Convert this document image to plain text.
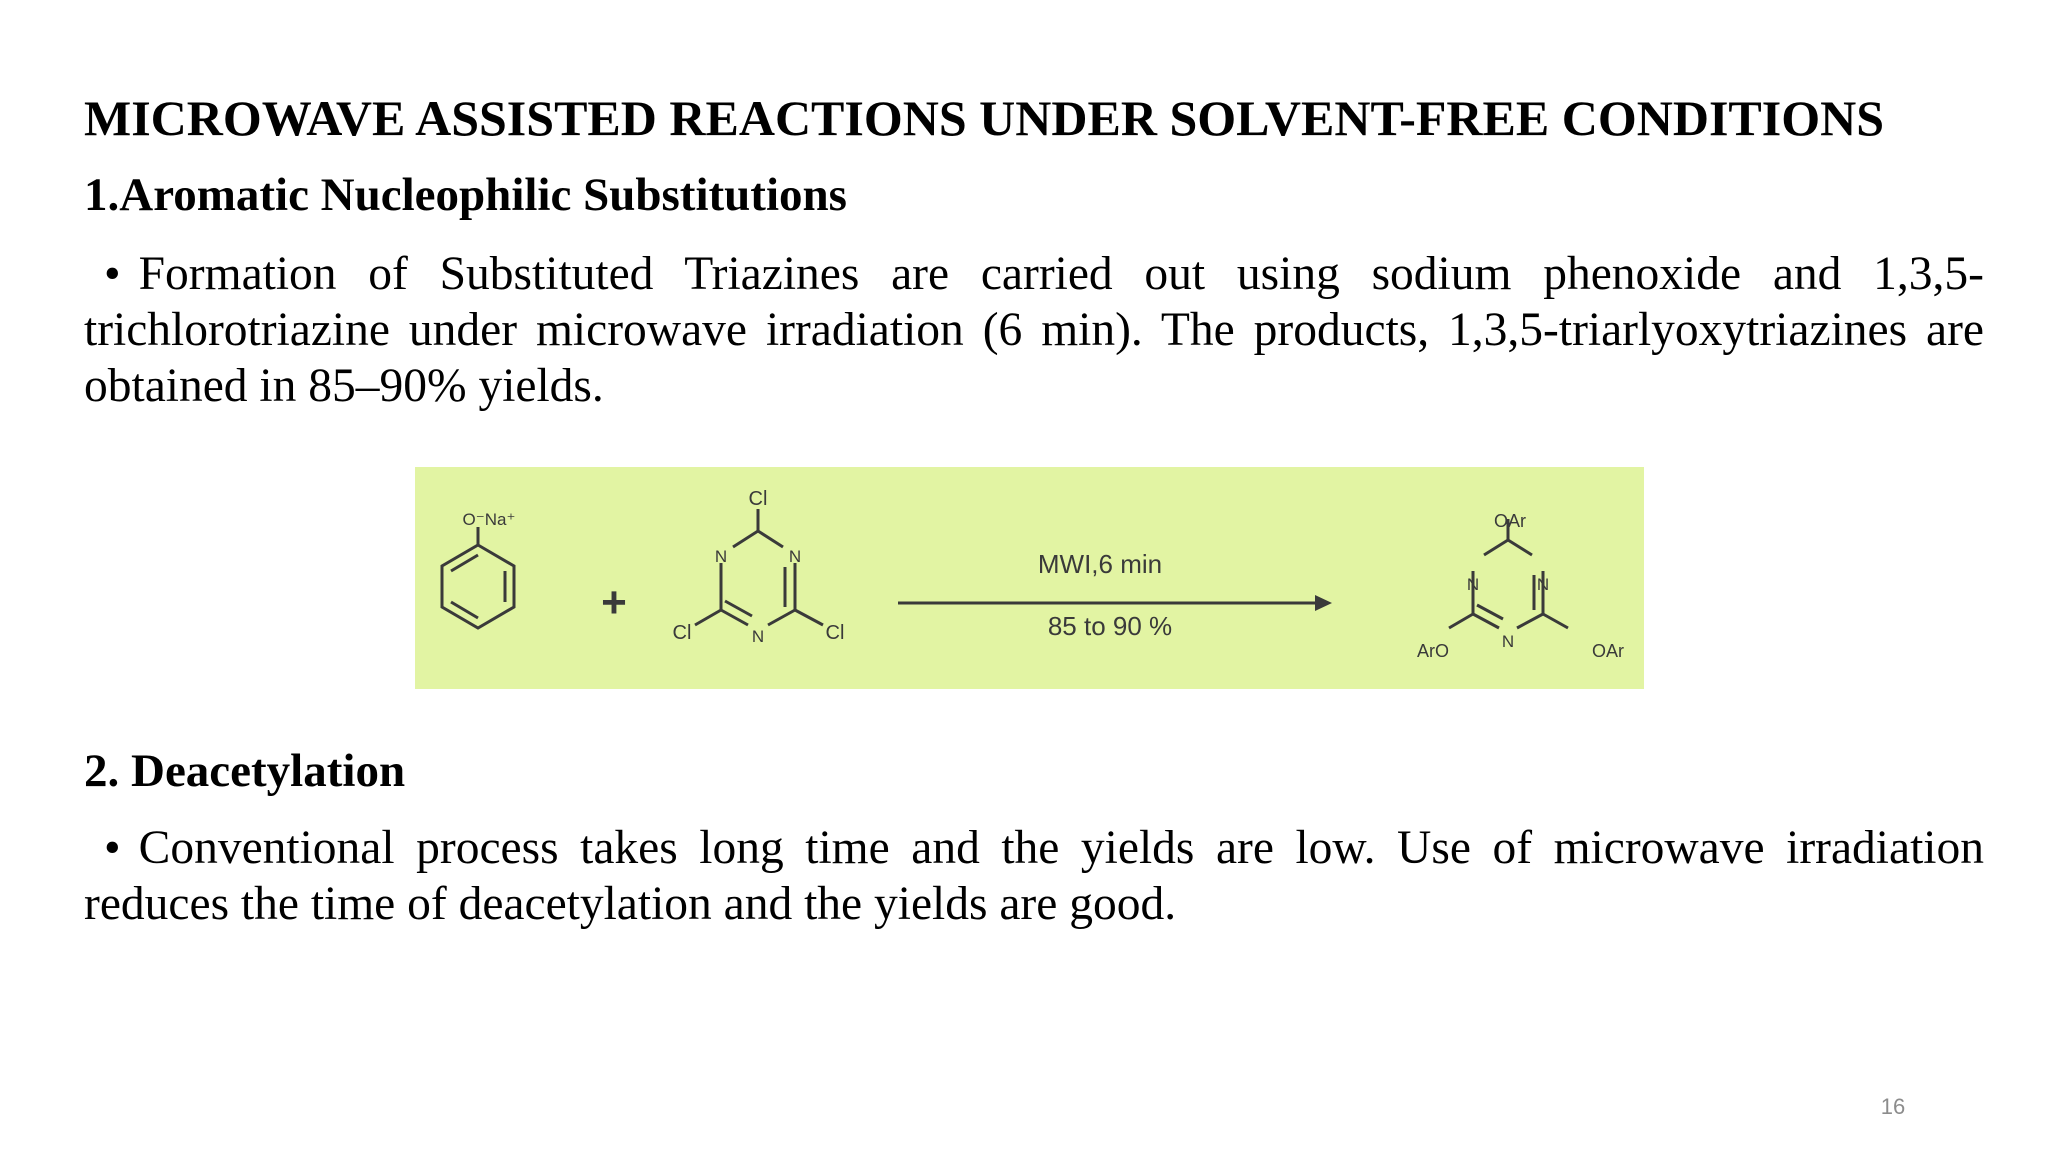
MICROWAVE ASSISTED REACTIONS UNDER SOLVENT-FREE CONDITIONS
1.Aromatic Nucleophilic Substitutions
• Formation of Substituted Triazines are carried out using sodium phenoxide and 1,3,5-trichlorotriazine under microwave irradiation (6 min). The products, 1,3,5-triarlyoxytriazines are obtained in 85–90% yields.
O⁻Na⁺
+
Cl
N	N
N
Cl	Cl
MWI,6 min
85 to 90 %
OAr
N	N
N
ArO	OAr
2. Deacetylation
• Conventional process takes long time and the yields are low. Use of microwave irradiation reduces the time of deacetylation and the yields are good.
16
